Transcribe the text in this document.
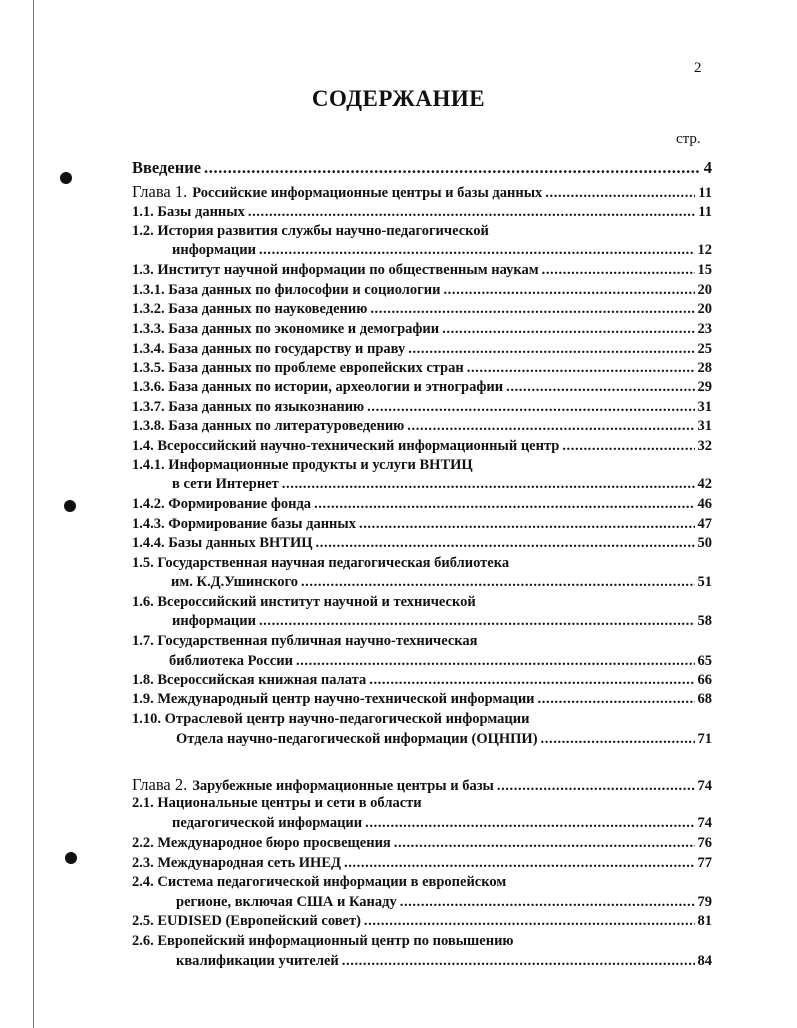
2
СОДЕРЖАНИЕ
стр.
Введение .....	4
Глава 1. Российские информационные центры и базы данных .....	11
1.1. Базы данных .....	11
1.2. История развития службы научно-педагогической
информации .....	12
1.3. Институт научной информации по общественным наукам .....	15
1.3.1. База данных по философии и социологии .....	20
1.3.2. База данных по науковедению .....	20
1.3.3. База данных по экономике и демографии .....	23
1.3.4. База данных по государству и праву .....	25
1.3.5. База данных по проблеме европейских стран .....	28
1.3.6. База данных по истории, археологии и этнографии .....	29
1.3.7. База данных по языкознанию .....	31
1.3.8. База данных по литературоведению .....	31
1.4. Всероссийский научно-технический информационный центр .....	32
1.4.1. Информационные продукты и услуги ВНТИЦ
в сети Интернет .....	42
1.4.2. Формирование фонда .....	46
1.4.3. Формирование базы данных .....	47
1.4.4. Базы данных ВНТИЦ .....	50
1.5. Государственная научная педагогическая библиотека
им. К.Д.Ушинского .....	51
1.6. Всероссийский институт научной и технической
информации .....	58
1.7. Государственная публичная научно-техническая
библиотека России .....	65
1.8. Всероссийская книжная палата .....	66
1.9. Международный центр научно-технической информации .....	68
1.10. Отраслевой центр научно-педагогической информации
Отдела научно-педагогической информации (ОЦНПИ) .....	71
Глава 2. Зарубежные информационные центры и базы .....	74
2.1. Национальные центры и сети в области
педагогической информации .....	74
2.2. Международное бюро просвещения .....	76
2.3. Международная сеть ИНЕД .....	77
2.4. Система педагогической информации в европейском
регионе, включая США и Канаду .....	79
2.5. EUDISED (Европейский совет) .....	81
2.6. Европейский информационный центр по повышению
квалификации учителей .....	84
